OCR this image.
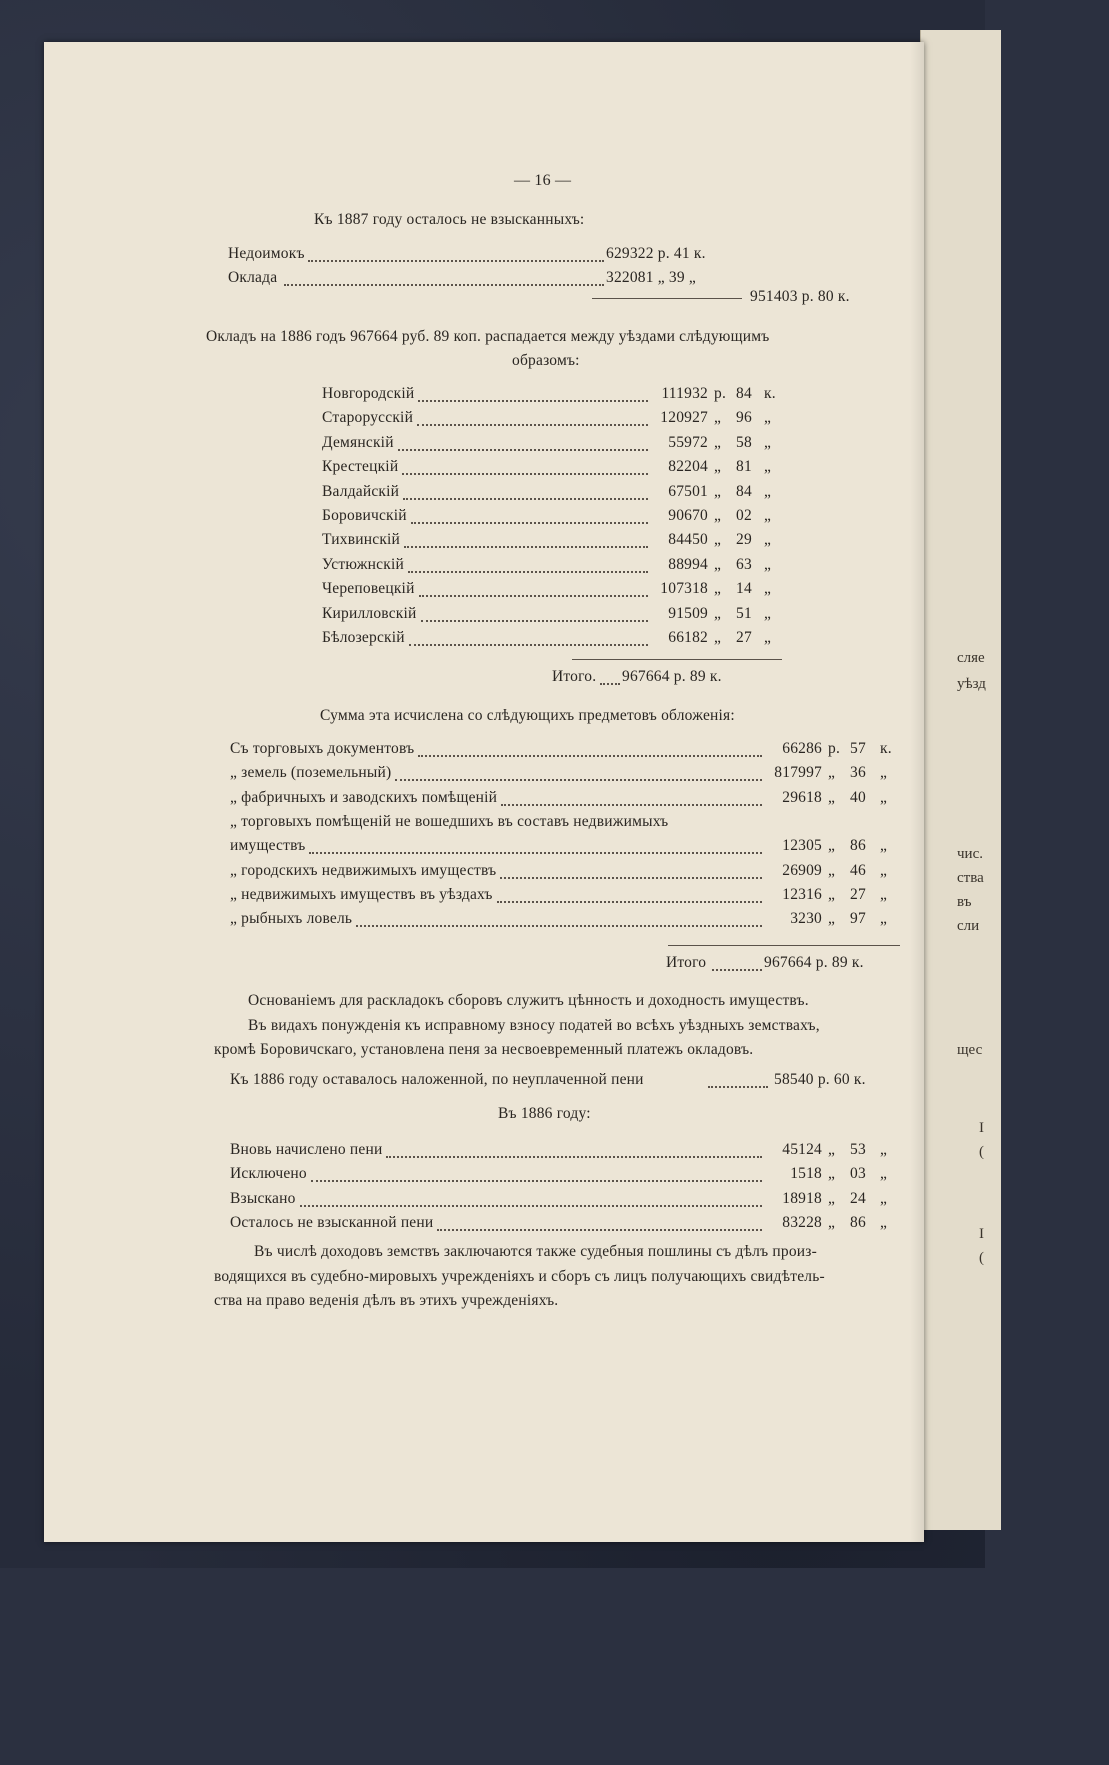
сляе
уѣзд
чис.
ства
въ
сли
щес
I
(
I
(
— 16 —
Къ 1887 году осталось не взысканныхъ:
Недоимокъ	629322 р. 41 к.
Оклада	322081 „ 39 „
951403 р. 80 к.
Окладъ на 1886 годъ 967664 руб. 89 коп. распадается между уѣздами слѣдующимъ
образомъ:
Итого. 967664 р. 89 к.
Сумма эта исчислена со слѣдующихъ предметовъ обложенія:
Итого	967664 р. 89 к.
Основаніемъ для раскладокъ сборовъ служитъ цѣнность и доходность имуществъ.
Въ видахъ понужденія къ исправному взносу податей во всѣхъ уѣздныхъ земствахъ,
кромѣ Боровичскаго, установлена пеня за несвоевременный платежъ окладовъ.
Къ 1886 году оставалось наложенной, по неуплаченной пени	58540 р. 60 к.
Въ 1886 году:
Въ числѣ доходовъ земствъ заключаются также судебныя пошлины съ дѣлъ произ-
водящихся въ судебно-мировыхъ учрежденіяхъ и сборъ съ лицъ получающихъ свидѣтель-
ства на право веденія дѣлъ въ этихъ учрежденіяхъ.
Новгородскій	111932 р. 84 к.
Старорусскій	120927 „ 96 „
Демянскій	55972 „ 58 „
Крестецкій	82204 „ 81 „
Валдайскій	67501 „ 84 „
Боровичскій	90670 „ 02 „
Тихвинскій	84450 „ 29 „
Устюжнскій	88994 „ 63 „
Череповецкій	107318 „ 14 „
Кирилловскій	91509 „ 51 „
Бѣлозерскій	66182 „ 27 „
Съ торговыхъ документовъ	66286 р. 57 к.
„ земель (поземельный)	817997 „ 36 „
„ фабричныхъ и заводскихъ помѣщеній	29618 „ 40 „
„ торговыхъ помѣщеній не вошедшихъ въ составъ недвижимыхъ
имуществъ	12305 „ 86 „
„ городскихъ недвижимыхъ имуществъ	26909 „ 46 „
„ недвижимыхъ имуществъ въ уѣздахъ	12316 „ 27 „
„ рыбныхъ ловель	3230 „ 97 „
Вновь начислено пени	45124 „ 53 „
Исключено	1518 „ 03 „
Взыскано	18918 „ 24 „
Осталось не взысканной пени	83228 „ 86 „
